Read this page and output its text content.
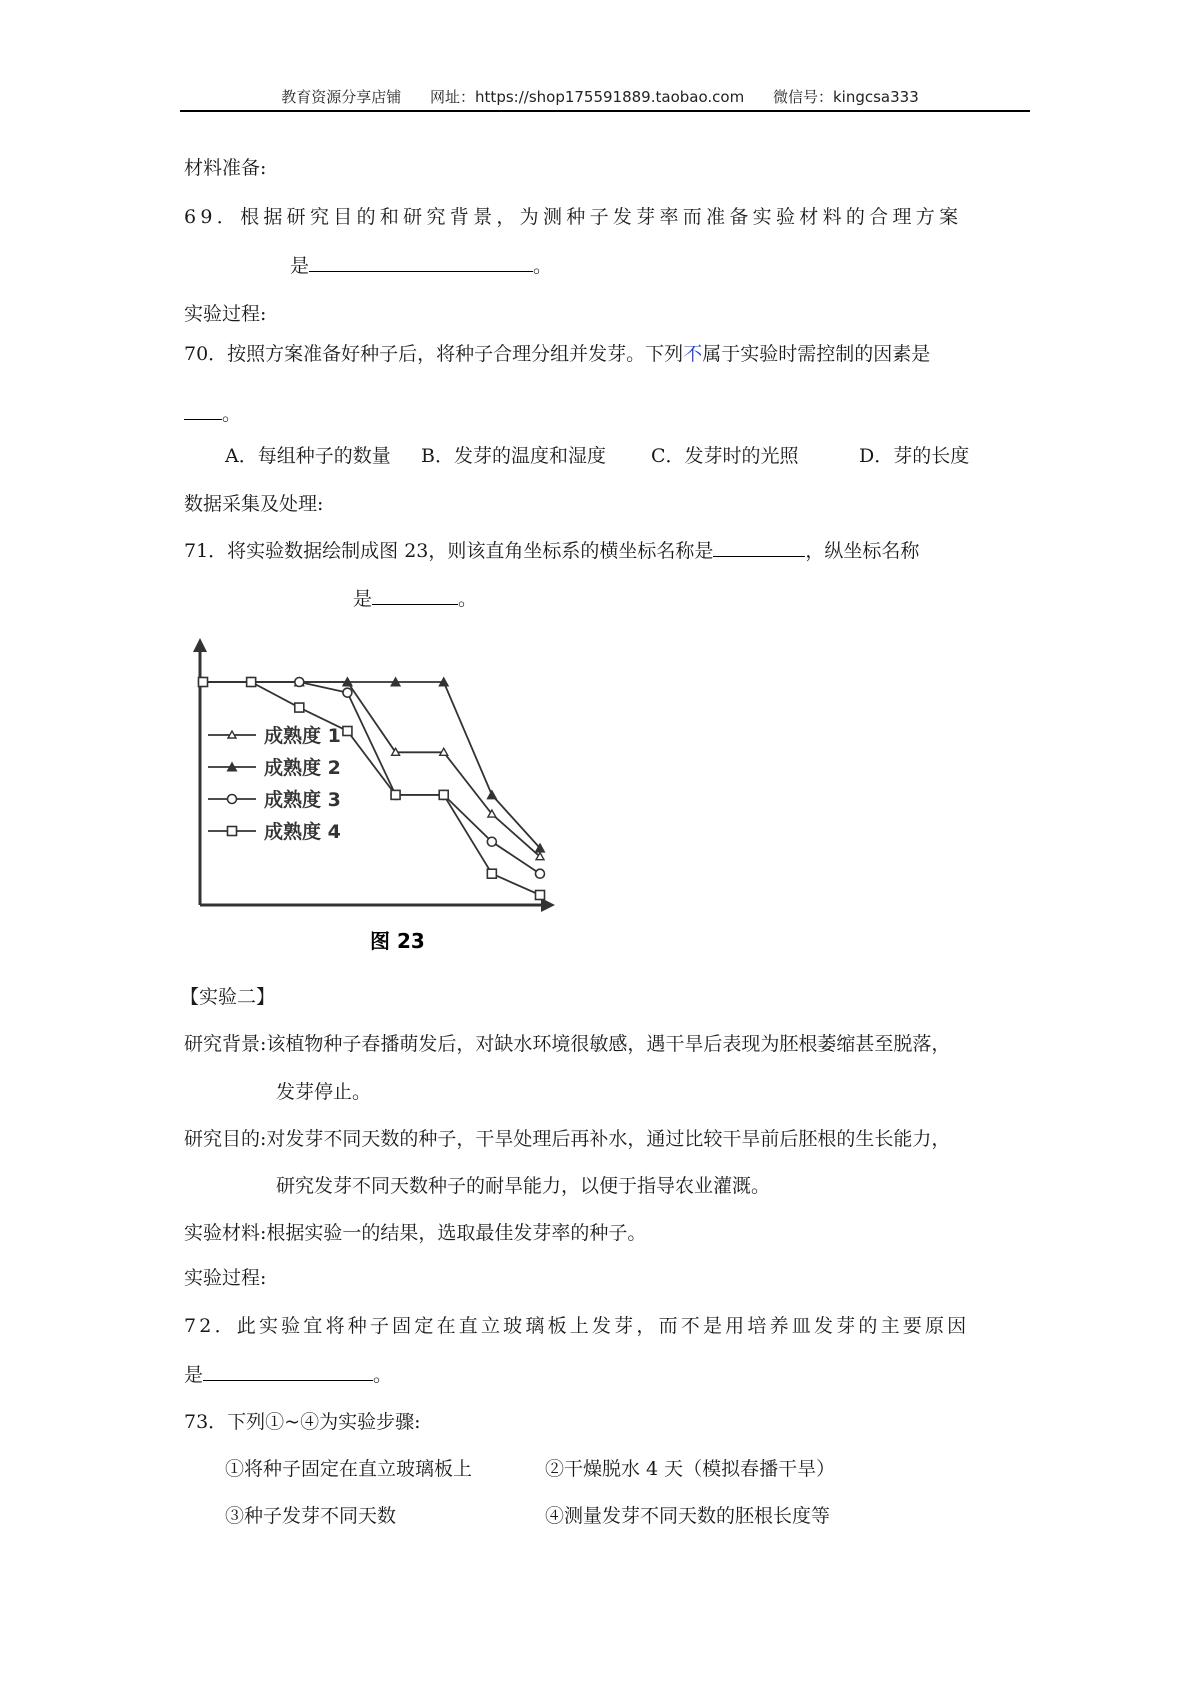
教育资源分享店铺 网址：https://shop175591889.taobao.com 微信号：kingcsa333
材料准备:
69．根据研究目的和研究背景，为测种子发芽率而准备实验材料的合理方案
是	。
实验过程:
70．按照方案准备好种子后，将种子合理分组并发芽。下列不属于实验时需控制的因素是
。
A．每组种子的数量 B．发芽的温度和湿度 C．发芽时的光照	D．芽的长度
数据采集及处理:
71．将实验数据绘制成图 23，则该直角坐标系的横坐标名称是	，纵坐标名称
是	。
成熟度 1
成熟度 2
成熟度 3
成熟度 4
图 23
【实验二】
研究背景:该植物种子春播萌发后，对缺水环境很敏感，遇干旱后表现为胚根萎缩甚至脱落，
发芽停止。
研究目的:对发芽不同天数的种子，干旱处理后再补水，通过比较干旱前后胚根的生长能力，
研究发芽不同天数种子的耐旱能力，以便于指导农业灌溉。
实验材料:根据实验一的结果，选取最佳发芽率的种子。
实验过程:
72．此实验宜将种子固定在直立玻璃板上发芽，而不是用培养皿发芽的主要原因
是	。
73．下列①~④为实验步骤:
①将种子固定在直立玻璃板上	②干燥脱水 4 天（模拟春播干旱）
③种子发芽不同天数	④测量发芽不同天数的胚根长度等
